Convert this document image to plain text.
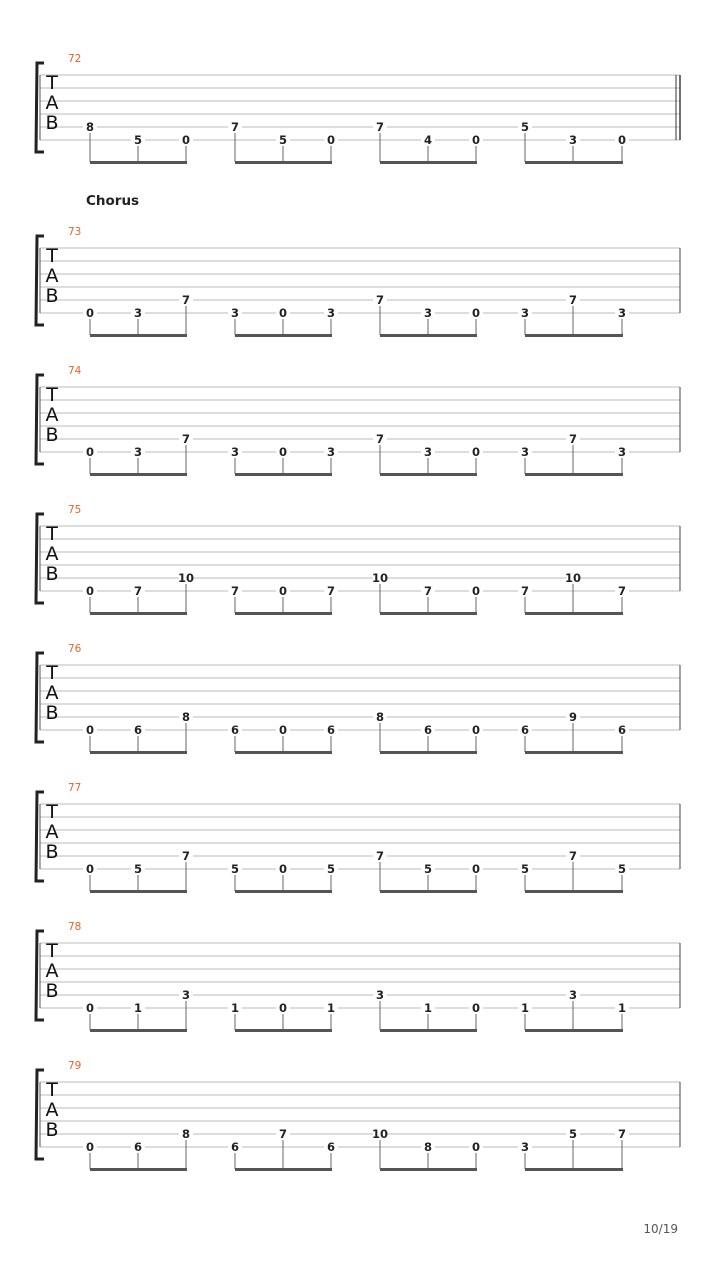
72
T
A
B 8
5	0
7
5	0
7
4	0
5
3	0
73
T
A
B
0	3
7
3	0	3
7
3	0	3
7
3
74
T
A
B
0	3
7
3	0	3
7
3	0	3
7
3
75
T
A
B
0	7
10
7	0	7
10
7	0	7
10
7
76
T
A
B
0	6
8
6	0	6
8
6	0	6
9
6
77
T
A
B
0	5
7
5	0	5
7
5	0	5
7
5
78
T
A
B
0	1
3
1	0	1
3
1	0	1
3
1
79
T
A
B
0	6
8
6
7
6
10
8	0	3
5	7
Chorus
10/19
